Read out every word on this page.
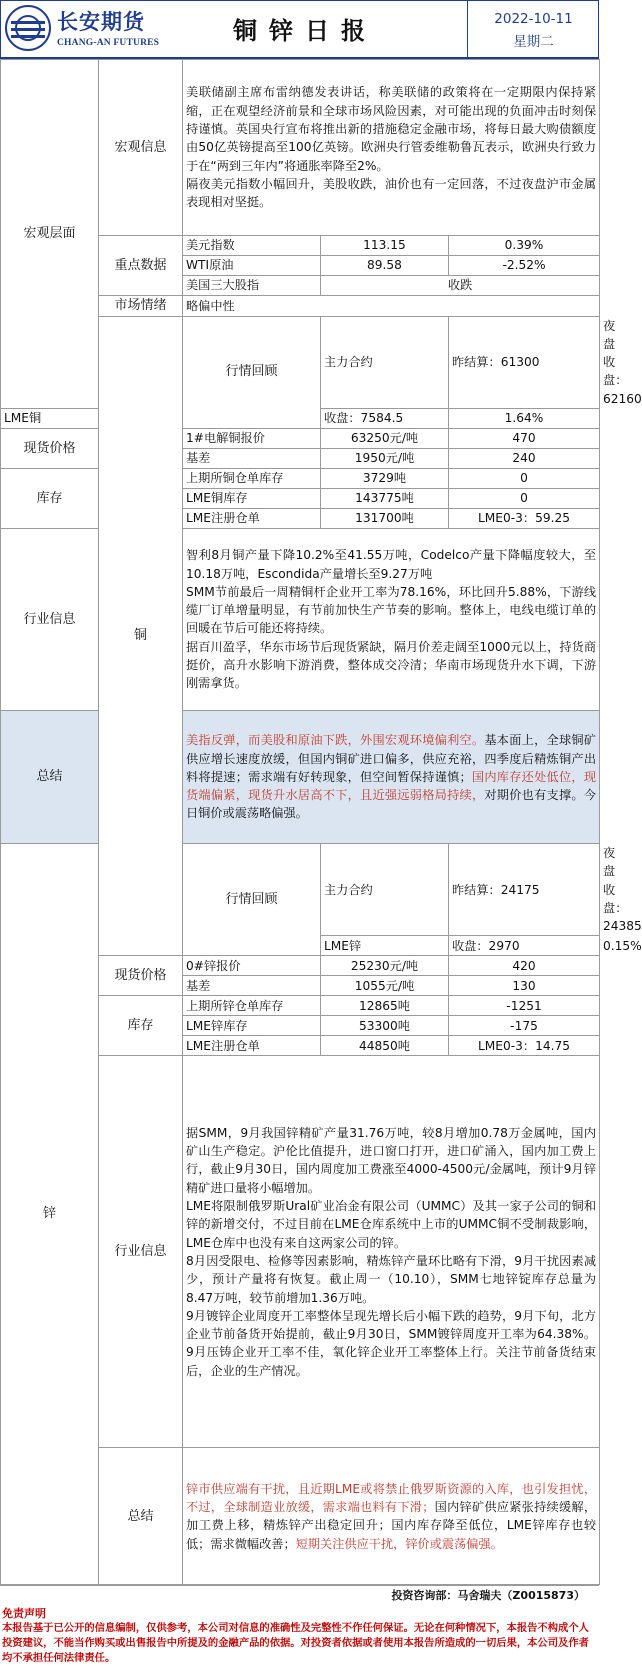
长安期货
CHANG-AN FUTURES	铜锌日报	2022-10-11
星期二
宏观层面	宏观信息	美联储副主席布雷纳德发表讲话，称美联储的政策将在一定期限内保持紧缩，正在观望经济前景和全球市场风险因素，对可能出现的负面冲击时刻保持谨慎。英国央行宣布将推出新的措施稳定金融市场，将每日最大购债额度由50亿英镑提高至100亿英镑。欧洲央行管委维勒鲁瓦表示，欧洲央行致力于在“两到三年内”将通胀率降至2%。
隔夜美元指数小幅回升，美股收跌，油价也有一定回落，不过夜盘沪市金属表现相对坚挺。			

	重点数据	美元指数	113.15	0.39%	
		WTI原油	89.58	-2.52%	
		美国三大股指	收跌		
	市场情绪	略偏中性			
	铜	行情回顾	主力合约	昨结算：61300	夜盘收盘：62160
LME铜			收盘：7584.5	1.64%	
现货价格		1#电解铜报价	63250元/吨	470	
		基差	1950元/吨	240	
库存		上期所铜仓单库存	3729吨	0	
		LME铜库存	143775吨	0	
		LME注册仓单	131700吨	LME0-3：59.25	
行业信息		智利8月铜产量下降10.2%至41.55万吨，Codelco产量下降幅度较大，至10.18万吨，Escondida产量增长至9.27万吨
SMM节前最后一周精铜杆企业开工率为78.16%，环比回升5.88%，下游线缆厂订单增量明显，有节前加快生产节奏的影响。整体上，电线电缆订单的回暖在节后可能还将持续。
据百川盈孚，华东市场节后现货紧缺，隔月价差走阔至1000元以上，持货商挺价，高升水影响下游消费，整体成交冷清；华南市场现货升水下调，下游刚需拿货。			

总结		美指反弹，而美股和原油下跌，外围宏观环境偏利空。基本面上，全球铜矿供应增长速度放缓，但国内铜矿进口偏多，供应充裕，四季度后精炼铜产出料将提速；需求端有好转现象，但空间暂保持谨慎；国内库存还处低位，现货端偏紧，现货升水居高不下，且近强远弱格局持续，对期价也有支撑。今日铜价或震荡略偏强。			
锌		行情回顾	主力合约	昨结算：24175	夜盘收盘：24385
			LME锌	收盘：2970	0.15%
	现货价格	0#锌报价	25230元/吨	420	
		基差	1055元/吨	130	
	库存	上期所锌仓单库存	12865吨	-1251	
		LME锌库存	53300吨	-175	
		LME注册仓单	44850吨	LME0-3：14.75	
	行业信息	据SMM，9月我国锌精矿产量31.76万吨，较8月增加0.78万金属吨，国内矿山生产稳定。沪伦比值提升，进口窗口打开，进口矿涌入，国内加工费上行，截止9月30日，国内周度加工费涨至4000-4500元/金属吨，预计9月锌精矿进口量将小幅增加。
LME将限制俄罗斯Ural矿业冶金有限公司（UMMC）及其一家子公司的铜和锌的新增交付，不过目前在LME仓库系统中上市的UMMC铜不受制裁影响，LME仓库中也没有来自这两家公司的锌。
8月因受限电、检修等因素影响，精炼锌产量环比略有下滑，9月干扰因素减少，预计产量将有恢复。截止周一（10.10），SMM七地锌锭库存总量为8.47万吨，较节前增加1.36万吨。
9月镀锌企业周度开工率整体呈现先增长后小幅下跌的趋势，9月下旬，北方企业节前备货开始提前，截止9月30日，SMM镀锌周度开工率为64.38%。9月压铸企业开工率不佳，氧化锌企业开工率整体上行。关注节前备货结束后，企业的生产情况。			

	总结	锌市供应端有干扰，且近期LME或将禁止俄罗斯资源的入库，也引发担忧，不过，全球制造业放缓，需求端也料有下滑；国内锌矿供应紧张持续缓解，加工费上移，精炼锌产出稳定回升；国内库存降至低位，LME锌库存也较低；需求微幅改善；短期关注供应干扰，锌价或震荡偏强。			
投资咨询部：马舍瑞夫（Z0015873）
免责声明
本报告基于已公开的信息编制，仅供参考，本公司对信息的准确性及完整性不作任何保证。无论在何种情况下，本报告不构成个人投资建议，不能当作购买或出售报告中所提及的金融产品的依据。对投资者依据或者使用本报告所造成的一切后果，本公司及作者均不承担任何法律责任。
